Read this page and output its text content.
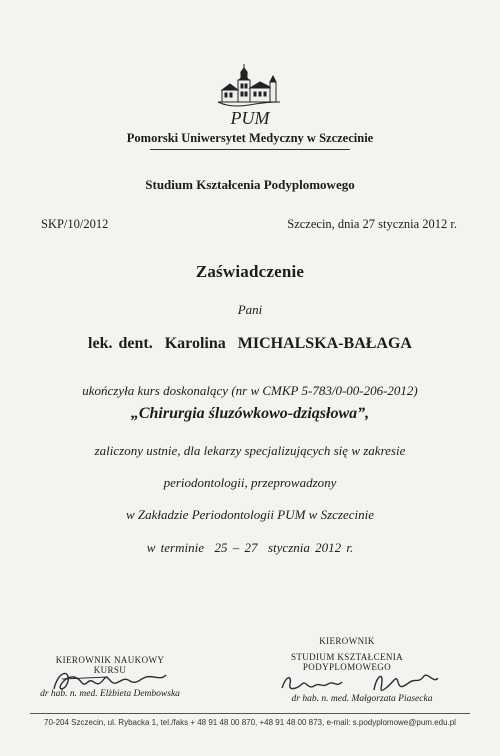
PUM
Pomorski Uniwersytet Medyczny w Szczecinie
Studium Kształcenia Podyplomowego
SKP/10/2012	Szczecin, dnia 27 stycznia 2012 r.
Zaświadczenie
Pani
lek. dent.  Karolina  MICHALSKA-BAŁAGA
ukończyła kurs doskonalący (nr w CMKP 5-783/0-00-206-2012)
„Chirurgia śluzówkowo-dziąsłowa”,
zaliczony ustnie, dla lekarzy specjalizujących się w zakresie
periodontologii, przeprowadzony
w Zakładzie Periodontologii PUM w Szczecinie
w terminie  25 – 27  stycznia 2012 r.
KIEROWNIK NAUKOWY KURSU
dr hab. n. med. Elżbieta Dembowska
KIEROWNIK
STUDIUM KSZTAŁCENIA PODYPLOMOWEGO
dr hab. n. med. Małgorzata Piasecka
70-204 Szczecin, ul. Rybacka 1, tel./faks + 48 91 48 00 870, +48 91 48 00 873, e-mail: s.podyplomowe@pum.edu.pl
